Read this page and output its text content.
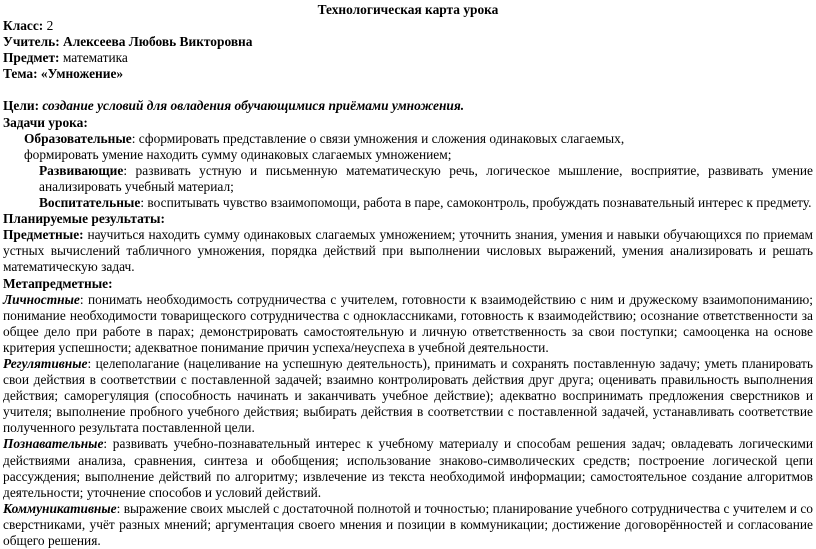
Технологическая карта урока

Класс: 2

Учитель: Алексеева Любовь Викторовна

Предмет: математика

Тема: «Умножение»

Цели: создание условий для овладения обучающимися приёмами умножения.

Задачи урока:

Образовательные: сформировать представление о связи умножения и сложения одинаковых слагаемых,

формировать умение находить сумму одинаковых слагаемых умножением;

Развивающие: развивать устную и письменную математическую речь, логическое мышление, восприятие, развивать умение анализировать учебный материал;

Воспитательные: воспитывать чувство взаимопомощи, работа в паре, самоконтроль, пробуждать познавательный интерес к предмету.

Планируемые результаты:

Предметные: научиться находить сумму одинаковых слагаемых умножением; уточнить знания, умения и навыки обучающихся по приемам устных вычислений табличного умножения, порядка действий при выполнении числовых выражений, умения анализировать и решать математическую задач.

Метапредметные:

Личностные: понимать необходимость сотрудничества с учителем, готовности к взаимодействию с ним и дружескому взаимопониманию; понимание необходимости товарищеского сотрудничества с одноклассниками, готовность к взаимодействию; осознание ответственности за общее дело при работе в парах; демонстрировать самостоятельную и личную ответственность за свои поступки; самооценка на основе критерия успешности; адекватное понимание причин успеха/неуспеха в учебной деятельности.

Регулятивные: целеполагание (нацеливание на успешную деятельность), принимать и сохранять поставленную задачу; уметь планировать свои действия в соответствии с поставленной задачей; взаимно контролировать действия друг друга; оценивать правильность выполнения действия; саморегуляция (способность начинать и заканчивать учебное действие); адекватно воспринимать предложения сверстников и учителя; выполнение пробного учебного действия; выбирать действия в соответствии с поставленной задачей, устанавливать соответствие полученного результата поставленной цели.

Познавательные: развивать учебно-познавательный интерес к учебному материалу и способам решения задач; овладевать логическими действиями анализа, сравнения, синтеза и обобщения; использование знаково-символических средств; построение логической цепи рассуждения; выполнение действий по алгоритму; извлечение из текста необходимой информации; самостоятельное создание алгоритмов деятельности; уточнение способов и условий действий.

Коммуникативные: выражение своих мыслей с достаточной полнотой и точностью; планирование учебного сотрудничества с учителем и со сверстниками, учёт разных мнений; аргументация своего мнения и позиции в коммуникации; достижение договорённостей и согласование общего решения.
